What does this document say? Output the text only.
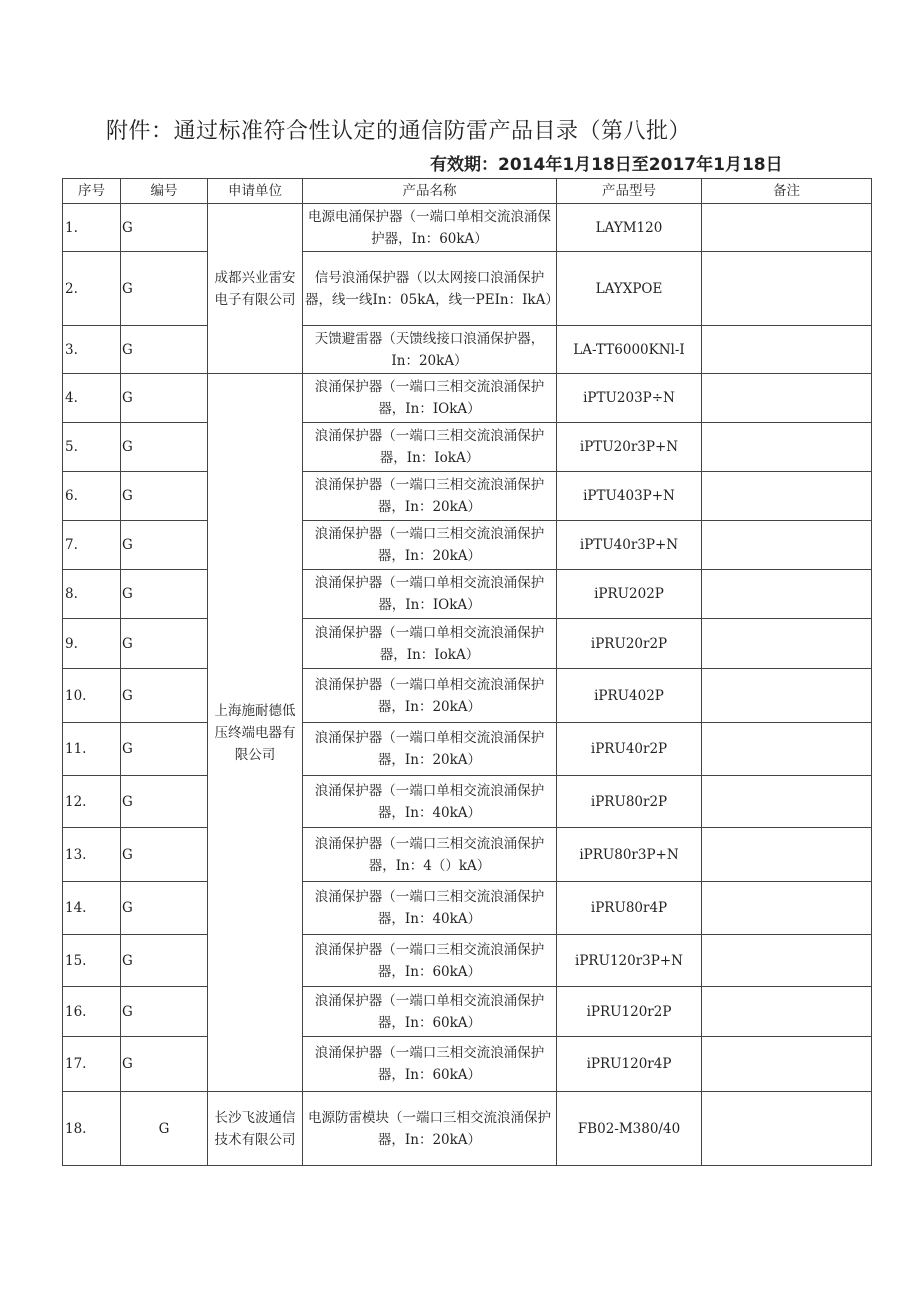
附件：通过标准符合性认定的通信防雷产品目录（第八批）
有效期：2014年1月18日至2017年1月18日
序号	编号	申请单位	产品名称	产品型号	备注
1.	G	成都兴业雷安电子有限公司	电源电涌保护器（一端口单相交流浪涌保护器，In：60kA）	LAYM120	
2.	G		信号浪涌保护器（以太网接口浪涌保护器，线一线In：05kA，线一PEIn：IkA）	LAYXPOE	
3.	G		天馈避雷器（天馈线接口浪涌保护器，In：20kA）	LA-TT6000KNl-I	
4.	G	上海施耐德低压终端电器有限公司	浪涌保护器（一端口三相交流浪涌保护器，In：IOkA）	iPTU203P÷N	
5.	G		浪涌保护器（一端口三相交流浪涌保护器，In：IokA）	iPTU20r3P+N	
6.	G		浪涌保护器（一端口三相交流浪涌保护器，In：20kA）	iPTU403P+N	
7.	G		浪涌保护器（一端口三相交流浪涌保护器，In：20kA）	iPTU40r3P+N	
8.	G		浪涌保护器（一端口单相交流浪涌保护器，In：IOkA）	iPRU202P	
9.	G		浪涌保护器（一端口单相交流浪涌保护器，In：IokA）	iPRU20r2P	
10.	G		浪涌保护器（一端口单相交流浪涌保护器，In：20kA）	iPRU402P	
11.	G		浪涌保护器（一端口单相交流浪涌保护器，In：20kA）	iPRU40r2P	
12.	G		浪涌保护器（一端口单相交流浪涌保护器，In：40kA）	iPRU80r2P	
13.	G		浪涌保护器（一端口三相交流浪涌保护器，In：4（）kA）	iPRU80r3P+N	
14.	G		浪涌保护器（一端口三相交流浪涌保护器，In：40kA）	iPRU80r4P	
15.	G		浪涌保护器（一端口三相交流浪涌保护器，In：60kA）	iPRU120r3P+N	
16.	G		浪涌保护器（一端口单相交流浪涌保护器，In：60kA）	iPRU120r2P	
17.	G		浪涌保护器（一端口三相交流浪涌保护器，In：60kA）	iPRU120r4P	
18.	G	长沙飞波通信技术有限公司	电源防雷模块（一端口三相交流浪涌保护器，In：20kA）	FB02-M380/40	
